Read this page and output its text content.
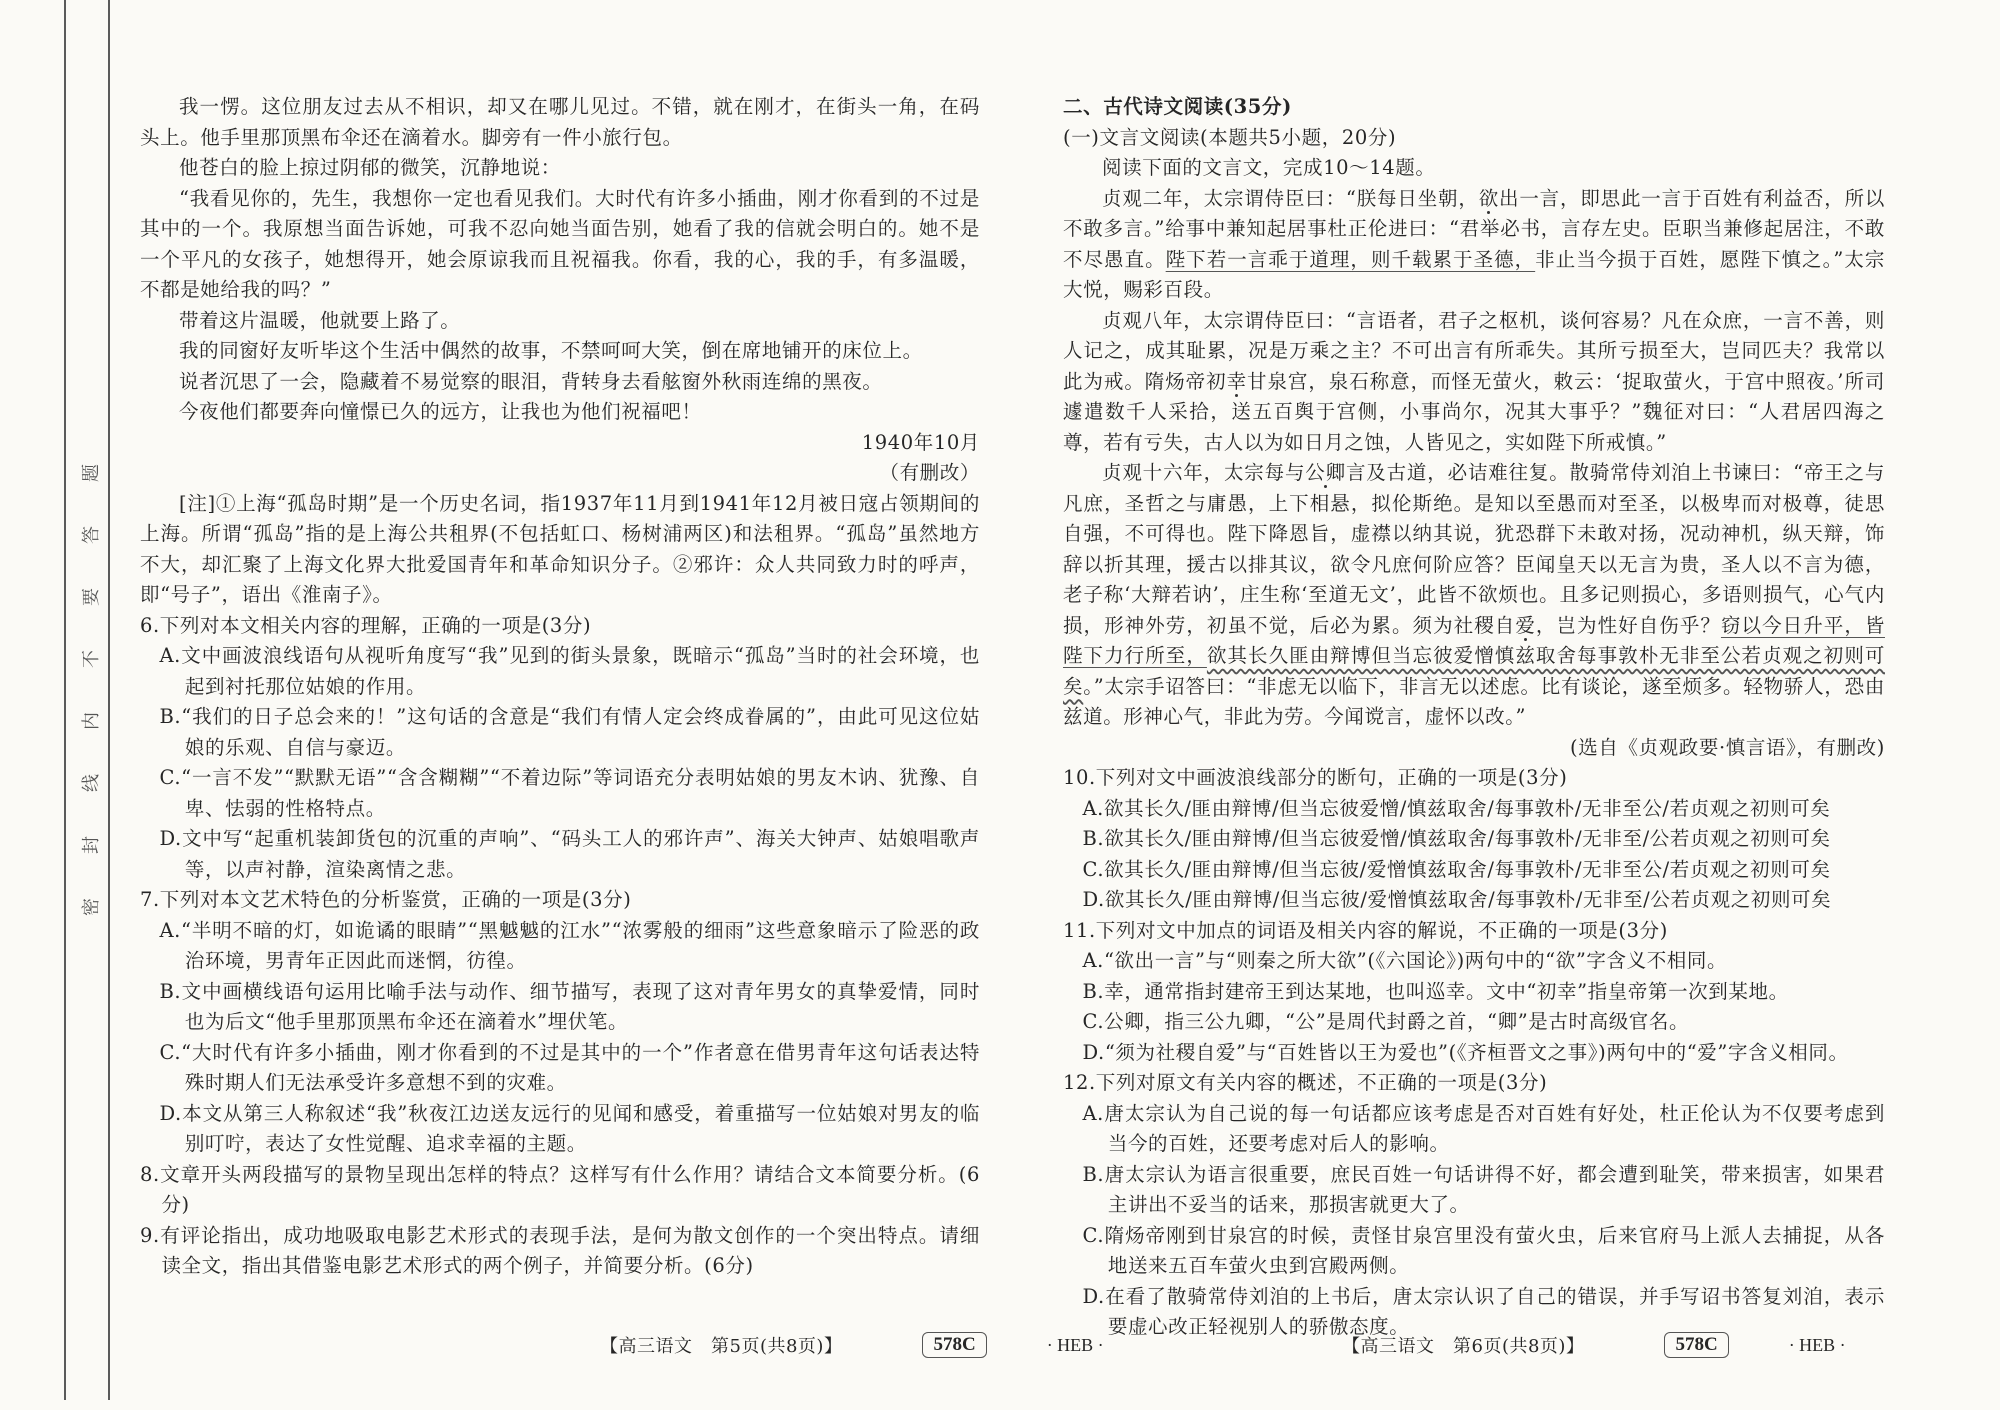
密
封
线
内
不
要
答
题

我一愣。这位朋友过去从不相识，却又在哪儿见过。不错，就在刚才，在街头一角，在码头上。他手里那顶黑布伞还在滴着水。脚旁有一件小旅行包。

他苍白的脸上掠过阴郁的微笑，沉静地说：

“我看见你的，先生，我想你一定也看见我们。大时代有许多小插曲，刚才你看到的不过是其中的一个。我原想当面告诉她，可我不忍向她当面告别，她看了我的信就会明白的。她不是一个平凡的女孩子，她想得开，她会原谅我而且祝福我。你看，我的心，我的手，有多温暖，不都是她给我的吗？”

带着这片温暖，他就要上路了。

我的同窗好友听毕这个生活中偶然的故事，不禁呵呵大笑，倒在席地铺开的床位上。

说者沉思了一会，隐藏着不易觉察的眼泪，背转身去看舷窗外秋雨连绵的黑夜。

今夜他们都要奔向憧憬已久的远方，让我也为他们祝福吧！

1940年10月

（有删改）

[注]①上海“孤岛时期”是一个历史名词，指1937年11月到1941年12月被日寇占领期间的上海。所谓“孤岛”指的是上海公共租界(不包括虹口、杨树浦两区)和法租界。“孤岛”虽然地方不大，却汇聚了上海文化界大批爱国青年和革命知识分子。②邪许：众人共同致力时的呼声，即“号子”，语出《淮南子》。

6.下列对本文相关内容的理解，正确的一项是(3分)

A.文中画波浪线语句从视听角度写“我”见到的街头景象，既暗示“孤岛”当时的社会环境，也起到衬托那位姑娘的作用。

B.“我们的日子总会来的！”这句话的含意是“我们有情人定会终成眷属的”，由此可见这位姑娘的乐观、自信与豪迈。

C.“一言不发”“默默无语”“含含糊糊”“不着边际”等词语充分表明姑娘的男友木讷、犹豫、自卑、怯弱的性格特点。

D.文中写“起重机装卸货包的沉重的声响”、“码头工人的邪许声”、海关大钟声、姑娘唱歌声等，以声衬静，渲染离情之悲。

7.下列对本文艺术特色的分析鉴赏，正确的一项是(3分)

A.“半明不暗的灯，如诡谲的眼睛”“黑魆魆的江水”“浓雾般的细雨”这些意象暗示了险恶的政治环境，男青年正因此而迷惘，彷徨。

B.文中画横线语句运用比喻手法与动作、细节描写，表现了这对青年男女的真挚爱情，同时也为后文“他手里那顶黑布伞还在滴着水”埋伏笔。

C.“大时代有许多小插曲，刚才你看到的不过是其中的一个”作者意在借男青年这句话表达特殊时期人们无法承受许多意想不到的灾难。

D.本文从第三人称叙述“我”秋夜江边送友远行的见闻和感受，着重描写一位姑娘对男友的临别叮咛，表达了女性觉醒、追求幸福的主题。

8.文章开头两段描写的景物呈现出怎样的特点？这样写有什么作用？请结合文本简要分析。(6分)

9.有评论指出，成功地吸取电影艺术形式的表现手法，是何为散文创作的一个突出特点。请细读全文，指出其借鉴电影艺术形式的两个例子，并简要分析。(6分)

【高三语文　第5页(共8页)】	578C	· HEB ·

二、古代诗文阅读(35分)

(一)文言文阅读(本题共5小题，20分)

阅读下面的文言文，完成10～14题。

贞观二年，太宗谓侍臣曰：“朕每日坐朝，欲出一言，即思此一言于百姓有利益否，所以不敢多言。”给事中兼知起居事杜正伦进曰：“君举必书，言存左史。臣职当兼修起居注，不敢不尽愚直。陛下若一言乖于道理，则千载累于圣德，非止当今损于百姓，愿陛下慎之。”太宗大悦，赐彩百段。

贞观八年，太宗谓侍臣曰：“言语者，君子之枢机，谈何容易？凡在众庶，一言不善，则人记之，成其耻累，况是万乘之主？不可出言有所乖失。其所亏损至大，岂同匹夫？我常以此为戒。隋炀帝初幸甘泉宫，泉石称意，而怪无萤火，敕云：‘捉取萤火，于宫中照夜。’所司遽遣数千人采拾，送五百舆于宫侧，小事尚尔，况其大事乎？”魏征对曰：“人君居四海之尊，若有亏失，古人以为如日月之蚀，人皆见之，实如陛下所戒慎。”

贞观十六年，太宗每与公卿言及古道，必诘难往复。散骑常侍刘洎上书谏曰：“帝王之与凡庶，圣哲之与庸愚，上下相悬，拟伦斯绝。是知以至愚而对至圣，以极卑而对极尊，徒思自强，不可得也。陛下降恩旨，虚襟以纳其说，犹恐群下未敢对扬，况动神机，纵天辩，饰辞以折其理，援古以排其议，欲令凡庶何阶应答？臣闻皇天以无言为贵，圣人以不言为德，老子称‘大辩若讷’，庄生称‘至道无文’，此皆不欲烦也。且多记则损心，多语则损气，心气内损，形神外劳，初虽不觉，后必为累。须为社稷自爱，岂为性好自伤乎？窃以今日升平，皆陛下力行所至，欲其长久匪由辩博但当忘彼爱憎慎兹取舍每事敦朴无非至公若贞观之初则可矣。”太宗手诏答曰：“非虑无以临下，非言无以述虑。比有谈论，遂至烦多。轻物骄人，恐由兹道。形神心气，非此为劳。今闻谠言，虚怀以改。”

(选自《贞观政要·慎言语》，有删改)

10.下列对文中画波浪线部分的断句，正确的一项是(3分)

A.欲其长久/匪由辩博/但当忘彼爱憎/慎兹取舍/每事敦朴/无非至公/若贞观之初则可矣

B.欲其长久/匪由辩博/但当忘彼爱憎/慎兹取舍/每事敦朴/无非至/公若贞观之初则可矣

C.欲其长久/匪由辩博/但当忘彼/爱憎慎兹取舍/每事敦朴/无非至公/若贞观之初则可矣

D.欲其长久/匪由辩博/但当忘彼/爱憎慎兹取舍/每事敦朴/无非至/公若贞观之初则可矣

11.下列对文中加点的词语及相关内容的解说，不正确的一项是(3分)

A.“欲出一言”与“则秦之所大欲”(《六国论》)两句中的“欲”字含义不相同。

B.幸，通常指封建帝王到达某地，也叫巡幸。文中“初幸”指皇帝第一次到某地。

C.公卿，指三公九卿，“公”是周代封爵之首，“卿”是古时高级官名。

D.“须为社稷自爱”与“百姓皆以王为爱也”(《齐桓晋文之事》)两句中的“爱”字含义相同。

12.下列对原文有关内容的概述，不正确的一项是(3分)

A.唐太宗认为自己说的每一句话都应该考虑是否对百姓有好处，杜正伦认为不仅要考虑到当今的百姓，还要考虑对后人的影响。

B.唐太宗认为语言很重要，庶民百姓一句话讲得不好，都会遭到耻笑，带来损害，如果君主讲出不妥当的话来，那损害就更大了。

C.隋炀帝刚到甘泉宫的时候，责怪甘泉宫里没有萤火虫，后来官府马上派人去捕捉，从各地送来五百车萤火虫到宫殿两侧。

D.在看了散骑常侍刘洎的上书后，唐太宗认识了自己的错误，并手写诏书答复刘洎，表示要虚心改正轻视别人的骄傲态度。

【高三语文　第6页(共8页)】	578C	· HEB ·
